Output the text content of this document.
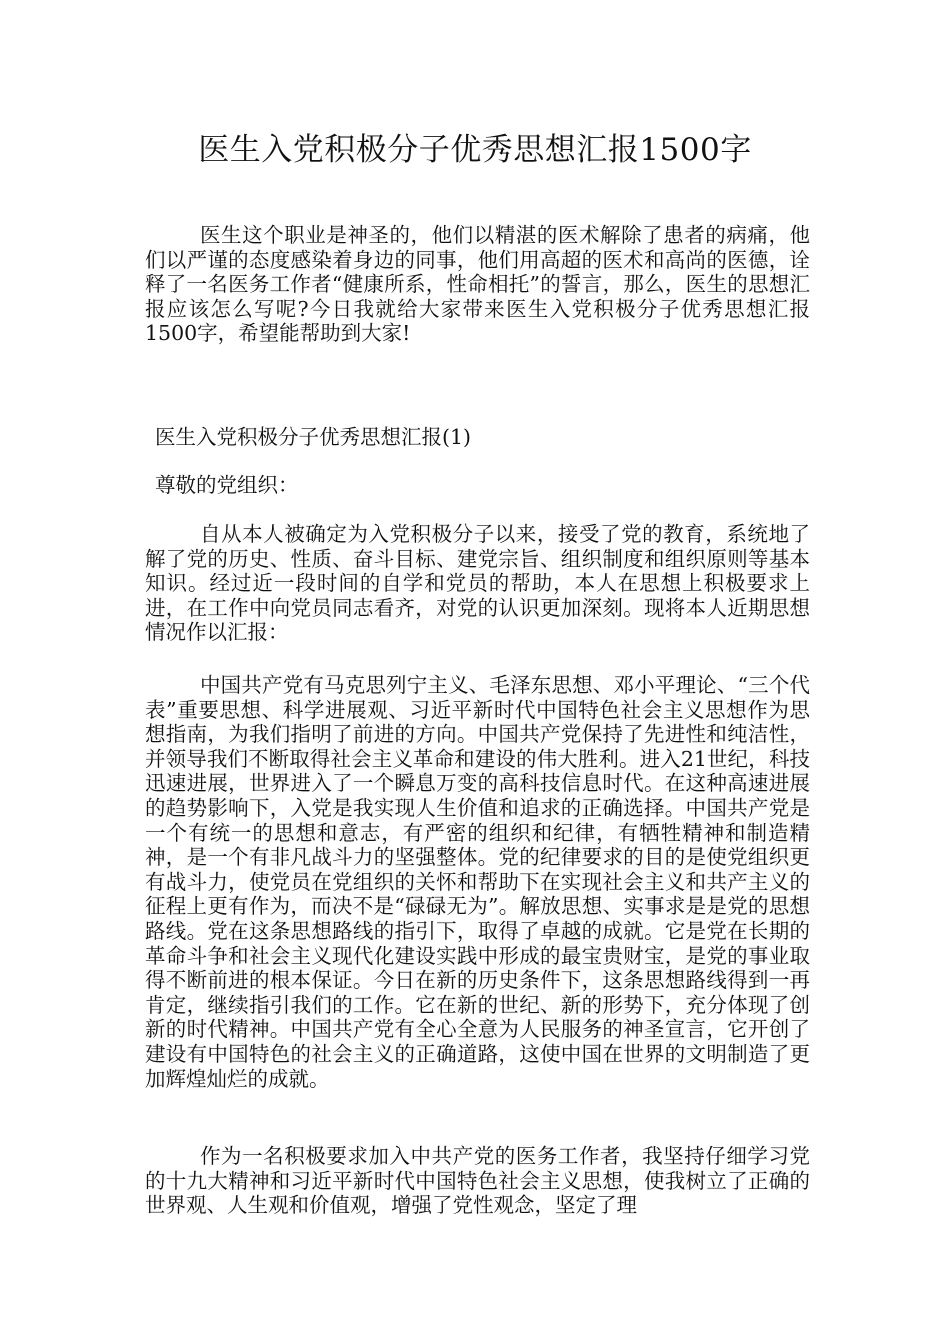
医生入党积极分子优秀思想汇报1500字

医生这个职业是神圣的，他们以精湛的医术解除了患者的病痛，他们以严谨的态度感染着身边的同事，他们用高超的医术和高尚的医德，诠释了一名医务工作者“健康所系，性命相托”的誓言，那么，医生的思想汇报应该怎么写呢?今日我就给大家带来医生入党积极分子优秀思想汇报1500字，希望能帮助到大家!

医生入党积极分子优秀思想汇报(1)

尊敬的党组织：

自从本人被确定为入党积极分子以来，接受了党的教育，系统地了解了党的历史、性质、奋斗目标、建党宗旨、组织制度和组织原则等基本知识。经过近一段时间的自学和党员的帮助，本人在思想上积极要求上进，在工作中向党员同志看齐，对党的认识更加深刻。现将本人近期思想情况作以汇报：

中国共产党有马克思列宁主义、毛泽东思想、邓小平理论、“三个代表”重要思想、科学进展观、习近平新时代中国特色社会主义思想作为思想指南，为我们指明了前进的方向。中国共产党保持了先进性和纯洁性，并领导我们不断取得社会主义革命和建设的伟大胜利。进入21世纪，科技迅速进展，世界进入了一个瞬息万变的高科技信息时代。在这种高速进展的趋势影响下，入党是我实现人生价值和追求的正确选择。中国共产党是一个有统一的思想和意志，有严密的组织和纪律，有牺牲精神和制造精神，是一个有非凡战斗力的坚强整体。党的纪律要求的目的是使党组织更有战斗力，使党员在党组织的关怀和帮助下在实现社会主义和共产主义的征程上更有作为，而决不是“碌碌无为”。解放思想、实事求是是党的思想路线。党在这条思想路线的指引下，取得了卓越的成就。它是党在长期的革命斗争和社会主义现代化建设实践中形成的最宝贵财宝，是党的事业取得不断前进的根本保证。今日在新的历史条件下，这条思想路线得到一再肯定，继续指引我们的工作。它在新的世纪、新的形势下，充分体现了创新的时代精神。中国共产党有全心全意为人民服务的神圣宣言，它开创了建设有中国特色的社会主义的正确道路，这使中国在世界的文明制造了更加辉煌灿烂的成就。

作为一名积极要求加入中共产党的医务工作者，我坚持仔细学习党的十九大精神和习近平新时代中国特色社会主义思想，使我树立了正确的世界观、人生观和价值观，增强了党性观念，坚定了理
